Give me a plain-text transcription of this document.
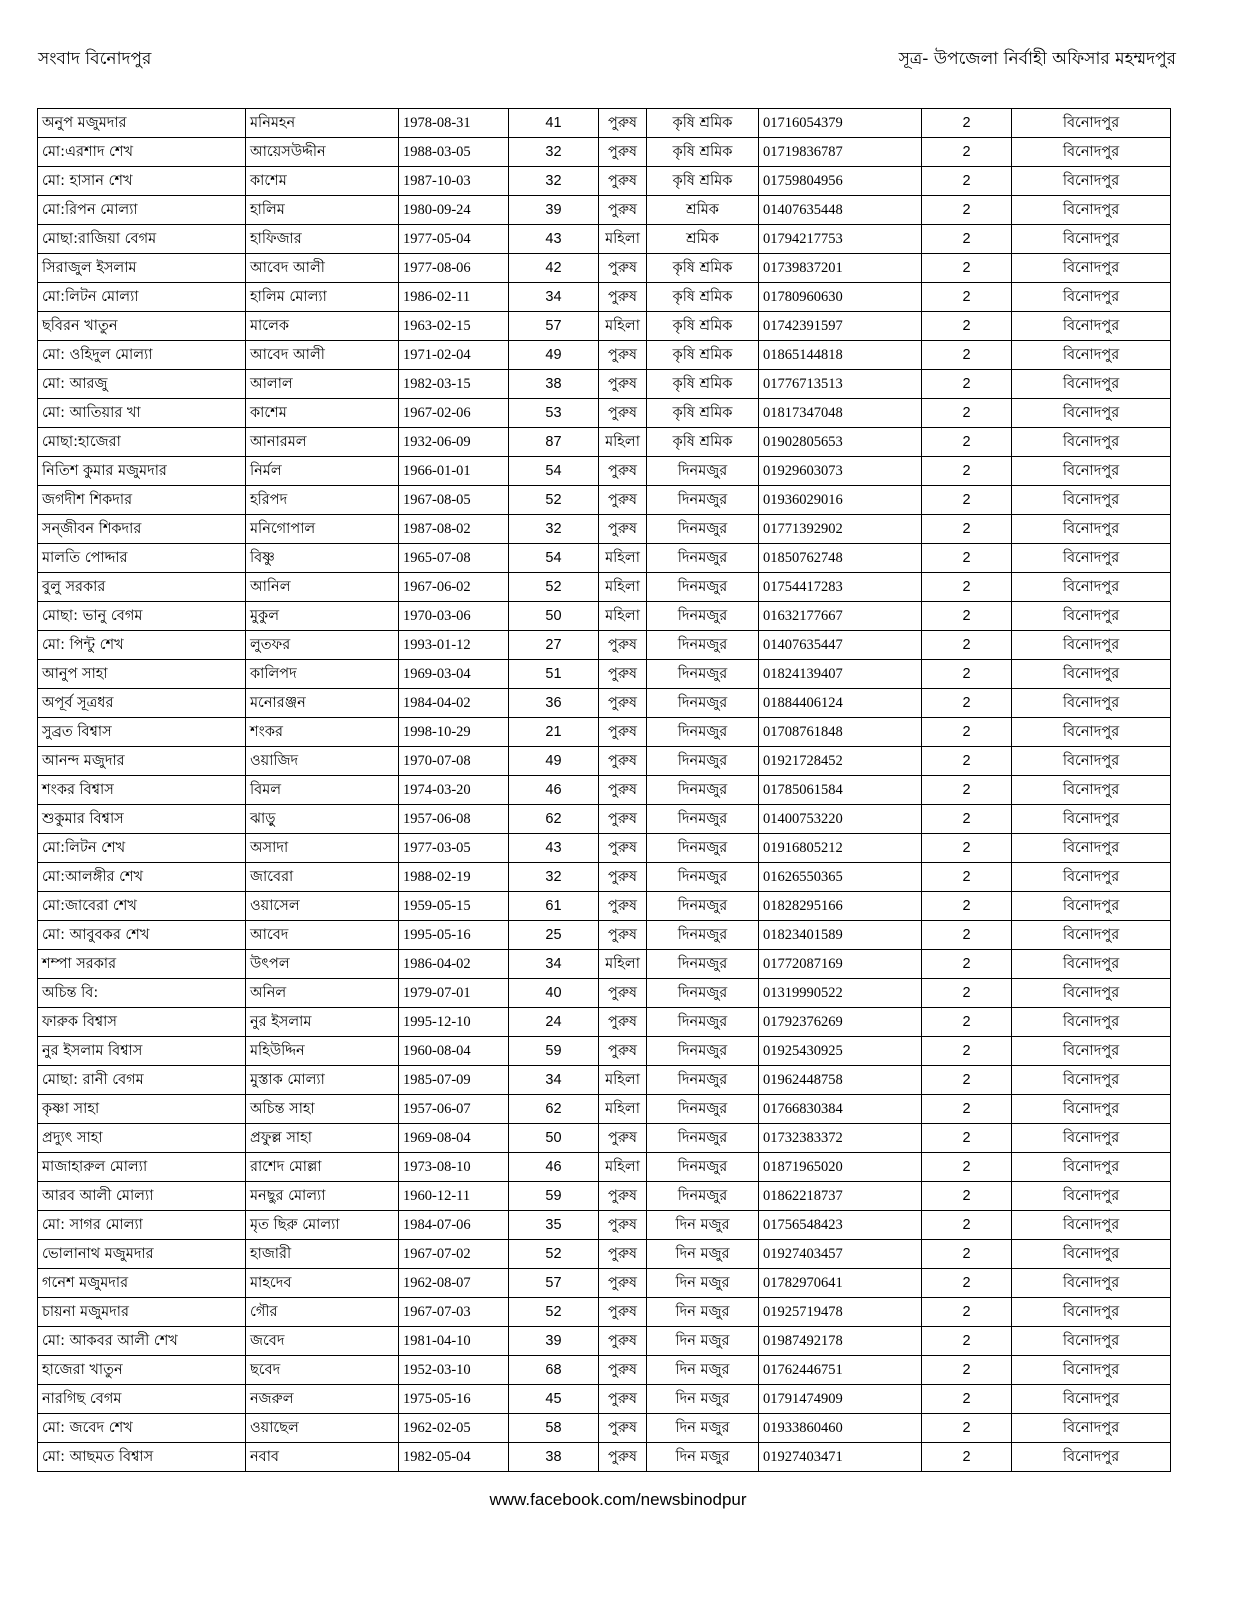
সংবাদ বিনোদপুর	সূত্র- উপজেলা নির্বাহী অফিসার মহম্মদপুর
অনুপ মজুমদার	মনিমহন	1978-08-31	41	পুরুষ	কৃষি শ্রমিক	01716054379	2	বিনোদপুর
মো:এরশাদ শেখ	আয়েসউদ্দীন	1988-03-05	32	পুরুষ	কৃষি শ্রমিক	01719836787	2	বিনোদপুর
মো: হাসান শেখ	কাশেম	1987-10-03	32	পুরুষ	কৃষি শ্রমিক	01759804956	2	বিনোদপুর
মো:রিপন মোল্যা	হালিম	1980-09-24	39	পুরুষ	শ্রমিক	01407635448	2	বিনোদপুর
মোছা:রাজিয়া বেগম	হাফিজার	1977-05-04	43	মহিলা	শ্রমিক	01794217753	2	বিনোদপুর
সিরাজুল ইসলাম	আবেদ আলী	1977-08-06	42	পুরুষ	কৃষি শ্রমিক	01739837201	2	বিনোদপুর
মো:লিটন মোল্যা	হালিম মোল্যা	1986-02-11	34	পুরুষ	কৃষি শ্রমিক	01780960630	2	বিনোদপুর
ছবিরন খাতুন	মালেক	1963-02-15	57	মহিলা	কৃষি শ্রমিক	01742391597	2	বিনোদপুর
মো: ওহিদুল মোল্যা	আবেদ আলী	1971-02-04	49	পুরুষ	কৃষি শ্রমিক	01865144818	2	বিনোদপুর
মো: আরজু	আলাল	1982-03-15	38	পুরুষ	কৃষি শ্রমিক	01776713513	2	বিনোদপুর
মো: আতিয়ার খা	কাশেম	1967-02-06	53	পুরুষ	কৃষি শ্রমিক	01817347048	2	বিনোদপুর
মোছা:হাজেরা	আনারমল	1932-06-09	87	মহিলা	কৃষি শ্রমিক	01902805653	2	বিনোদপুর
নিতিশ কুমার মজুমদার	নির্মল	1966-01-01	54	পুরুষ	দিনমজুর	01929603073	2	বিনোদপুর
জগদীশ শিকদার	হরিপদ	1967-08-05	52	পুরুষ	দিনমজুর	01936029016	2	বিনোদপুর
সন্জীবন শিকদার	মনিগোপাল	1987-08-02	32	পুরুষ	দিনমজুর	01771392902	2	বিনোদপুর
মালতি পোদ্দার	বিষ্ণু	1965-07-08	54	মহিলা	দিনমজুর	01850762748	2	বিনোদপুর
বুলু সরকার	আনিল	1967-06-02	52	মহিলা	দিনমজুর	01754417283	2	বিনোদপুর
মোছা: ভানু বেগম	মুকুল	1970-03-06	50	মহিলা	দিনমজুর	01632177667	2	বিনোদপুর
মো: পিন্টু শেখ	লুতফর	1993-01-12	27	পুরুষ	দিনমজুর	01407635447	2	বিনোদপুর
আনুপ সাহা	কালিপদ	1969-03-04	51	পুরুষ	দিনমজুর	01824139407	2	বিনোদপুর
অপূর্ব সূত্রধর	মনোরঞ্জন	1984-04-02	36	পুরুষ	দিনমজুর	01884406124	2	বিনোদপুর
সুব্রত বিশ্বাস	শংকর	1998-10-29	21	পুরুষ	দিনমজুর	01708761848	2	বিনোদপুর
আনন্দ মজুদার	ওয়াজিদ	1970-07-08	49	পুরুষ	দিনমজুর	01921728452	2	বিনোদপুর
শংকর বিশ্বাস	বিমল	1974-03-20	46	পুরুষ	দিনমজুর	01785061584	2	বিনোদপুর
শুকুমার বিশ্বাস	ঝাড়ু	1957-06-08	62	পুরুষ	দিনমজুর	01400753220	2	বিনোদপুর
মো:লিটন শেখ	অসাদা	1977-03-05	43	পুরুষ	দিনমজুর	01916805212	2	বিনোদপুর
মো:আলঙ্গীর শেখ	জাবেরা	1988-02-19	32	পুরুষ	দিনমজুর	01626550365	2	বিনোদপুর
মো:জাবেরা শেখ	ওয়াসেল	1959-05-15	61	পুরুষ	দিনমজুর	01828295166	2	বিনোদপুর
মো: আবুবকর শেখ	আবেদ	1995-05-16	25	পুরুষ	দিনমজুর	01823401589	2	বিনোদপুর
শম্পা সরকার	উৎপল	1986-04-02	34	মহিলা	দিনমজুর	01772087169	2	বিনোদপুর
অচিন্ত বি:	অনিল	1979-07-01	40	পুরুষ	দিনমজুর	01319990522	2	বিনোদপুর
ফারুক বিশ্বাস	নুর ইসলাম	1995-12-10	24	পুরুষ	দিনমজুর	01792376269	2	বিনোদপুর
নুর ইসলাম বিশ্বাস	মহিউদ্দিন	1960-08-04	59	পুরুষ	দিনমজুর	01925430925	2	বিনোদপুর
মোছা: রানী বেগম	মুস্তাক মোল্যা	1985-07-09	34	মহিলা	দিনমজুর	01962448758	2	বিনোদপুর
কৃষ্ণা সাহা	অচিন্ত সাহা	1957-06-07	62	মহিলা	দিনমজুর	01766830384	2	বিনোদপুর
প্রদ্যুৎ সাহা	প্রফুল্ল সাহা	1969-08-04	50	পুরুষ	দিনমজুর	01732383372	2	বিনোদপুর
মাজাহারুল মোল্যা	রাশেদ মোল্লা	1973-08-10	46	মহিলা	দিনমজুর	01871965020	2	বিনোদপুর
আরব আলী মোল্যা	মনছুর মোল্যা	1960-12-11	59	পুরুষ	দিনমজুর	01862218737	2	বিনোদপুর
মো: সাগর মোল্যা	মৃত ছিরু মোল্যা	1984-07-06	35	পুরুষ	দিন মজুর	01756548423	2	বিনোদপুর
ভোলানাথ মজুমদার	হাজারী	1967-07-02	52	পুরুষ	দিন মজুর	01927403457	2	বিনোদপুর
গনেশ মজুমদার	মাহদেব	1962-08-07	57	পুরুষ	দিন মজুর	01782970641	2	বিনোদপুর
চায়না মজুমদার	গৌর	1967-07-03	52	পুরুষ	দিন মজুর	01925719478	2	বিনোদপুর
মো: আকবর আলী শেখ	জবেদ	1981-04-10	39	পুরুষ	দিন মজুর	01987492178	2	বিনোদপুর
হাজেরা খাতুন	ছবেদ	1952-03-10	68	পুরুষ	দিন মজুর	01762446751	2	বিনোদপুর
নারগিছ বেগম	নজরুল	1975-05-16	45	পুরুষ	দিন মজুর	01791474909	2	বিনোদপুর
মো: জবেদ শেখ	ওয়াছেল	1962-02-05	58	পুরুষ	দিন মজুর	01933860460	2	বিনোদপুর
মো: আছমত বিশ্বাস	নবাব	1982-05-04	38	পুরুষ	দিন মজুর	01927403471	2	বিনোদপুর
www.facebook.com/newsbinodpur
